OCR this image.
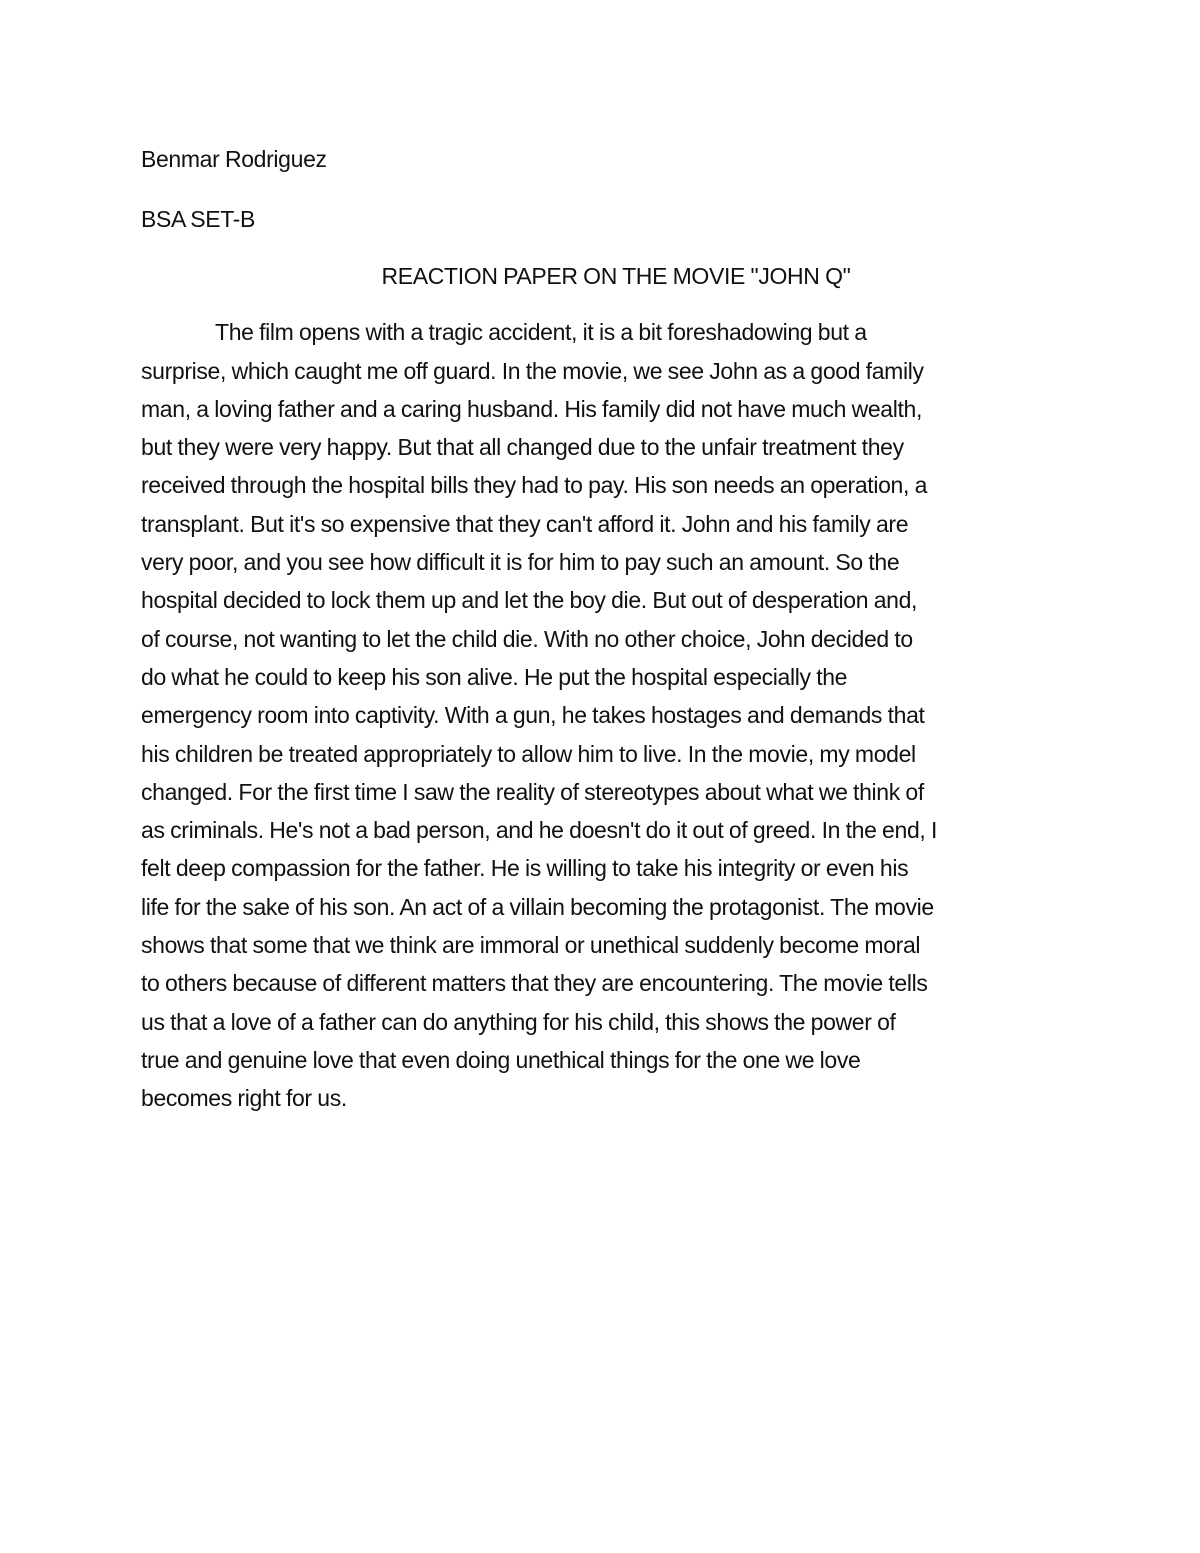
Benmar Rodriguez

BSA SET-B

REACTION PAPER ON THE MOVIE "JOHN Q"

The film opens with a tragic accident, it is a bit foreshadowing but a
surprise, which caught me off guard. In the movie, we see John as a good family
man, a loving father and a caring husband. His family did not have much wealth,
but they were very happy. But that all changed due to the unfair treatment they
received through the hospital bills they had to pay. His son needs an operation, a
transplant. But it's so expensive that they can't afford it. John and his family are
very poor, and you see how difficult it is for him to pay such an amount. So the
hospital decided to lock them up and let the boy die. But out of desperation and,
of course, not wanting to let the child die. With no other choice, John decided to
do what he could to keep his son alive. He put the hospital especially the
emergency room into captivity. With a gun, he takes hostages and demands that
his children be treated appropriately to allow him to live. In the movie, my model
changed. For the first time I saw the reality of stereotypes about what we think of
as criminals. He's not a bad person, and he doesn't do it out of greed. In the end, I
felt deep compassion for the father. He is willing to take his integrity or even his
life for the sake of his son. An act of a villain becoming the protagonist. The movie
shows that some that we think are immoral or unethical suddenly become moral
to others because of different matters that they are encountering. The movie tells
us that a love of a father can do anything for his child, this shows the power of
true and genuine love that even doing unethical things for the one we love
becomes right for us.
